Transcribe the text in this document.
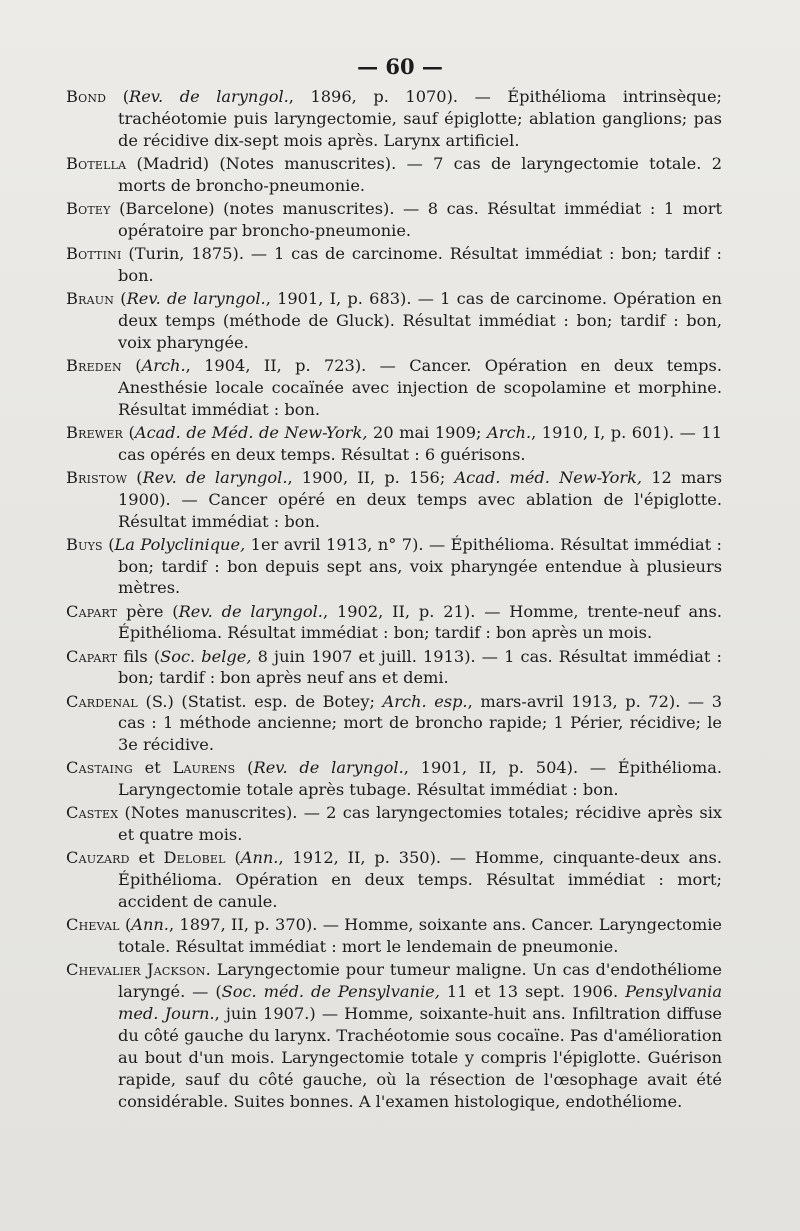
— 60 —

Bond (Rev. de laryngol., 1896, p. 1070). — Épithélioma intrinsèque; trachéotomie puis laryngectomie, sauf épiglotte; ablation ganglions; pas de récidive dix-sept mois après. Larynx artificiel.

Botella (Madrid) (Notes manuscrites). — 7 cas de laryngectomie totale. 2 morts de broncho-pneumonie.

Botey (Barcelone) (notes manuscrites). — 8 cas. Résultat immédiat : 1 mort opératoire par broncho-pneumonie.

Bottini (Turin, 1875). — 1 cas de carcinome. Résultat immédiat : bon; tardif : bon.

Braun (Rev. de laryngol., 1901, I, p. 683). — 1 cas de carcinome. Opération en deux temps (méthode de Gluck). Résultat immédiat : bon; tardif : bon, voix pharyngée.

Breden (Arch., 1904, II, p. 723). — Cancer. Opération en deux temps. Anesthésie locale cocaïnée avec injection de scopolamine et morphine. Résultat immédiat : bon.

Brewer (Acad. de Méd. de New-York, 20 mai 1909; Arch., 1910, I, p. 601). — 11 cas opérés en deux temps. Résultat : 6 guérisons.

Bristow (Rev. de laryngol., 1900, II, p. 156; Acad. méd. New-York, 12 mars 1900). — Cancer opéré en deux temps avec ablation de l'épiglotte. Résultat immédiat : bon.

Buys (La Polyclinique, 1er avril 1913, n° 7). — Épithélioma. Résultat immédiat : bon; tardif : bon depuis sept ans, voix pharyngée entendue à plusieurs mètres.

Capart père (Rev. de laryngol., 1902, II, p. 21). — Homme, trente-neuf ans. Épithélioma. Résultat immédiat : bon; tardif : bon après un mois.

Capart fils (Soc. belge, 8 juin 1907 et juill. 1913). — 1 cas. Résultat immédiat : bon; tardif : bon après neuf ans et demi.

Cardenal (S.) (Statist. esp. de Botey; Arch. esp., mars-avril 1913, p. 72). — 3 cas : 1 méthode ancienne; mort de broncho rapide; 1 Périer, récidive; le 3e récidive.

Castaing et Laurens (Rev. de laryngol., 1901, II, p. 504). — Épithélioma. Laryngectomie totale après tubage. Résultat immédiat : bon.

Castex (Notes manuscrites). — 2 cas laryngectomies totales; récidive après six et quatre mois.

Cauzard et Delobel (Ann., 1912, II, p. 350). — Homme, cinquante-deux ans. Épithélioma. Opération en deux temps. Résultat immédiat : mort; accident de canule.

Cheval (Ann., 1897, II, p. 370). — Homme, soixante ans. Cancer. Laryngectomie totale. Résultat immédiat : mort le lendemain de pneumonie.

Chevalier Jackson. Laryngectomie pour tumeur maligne. Un cas d'endothéliome laryngé. — (Soc. méd. de Pensylvanie, 11 et 13 sept. 1906. Pensylvania med. Journ., juin 1907.) — Homme, soixante-huit ans. Infiltration diffuse du côté gauche du larynx. Trachéotomie sous cocaïne. Pas d'amélioration au bout d'un mois. Laryngectomie totale y compris l'épiglotte. Guérison rapide, sauf du côté gauche, où la résection de l'œsophage avait été considérable. Suites bonnes. A l'examen histologique, endothéliome.
